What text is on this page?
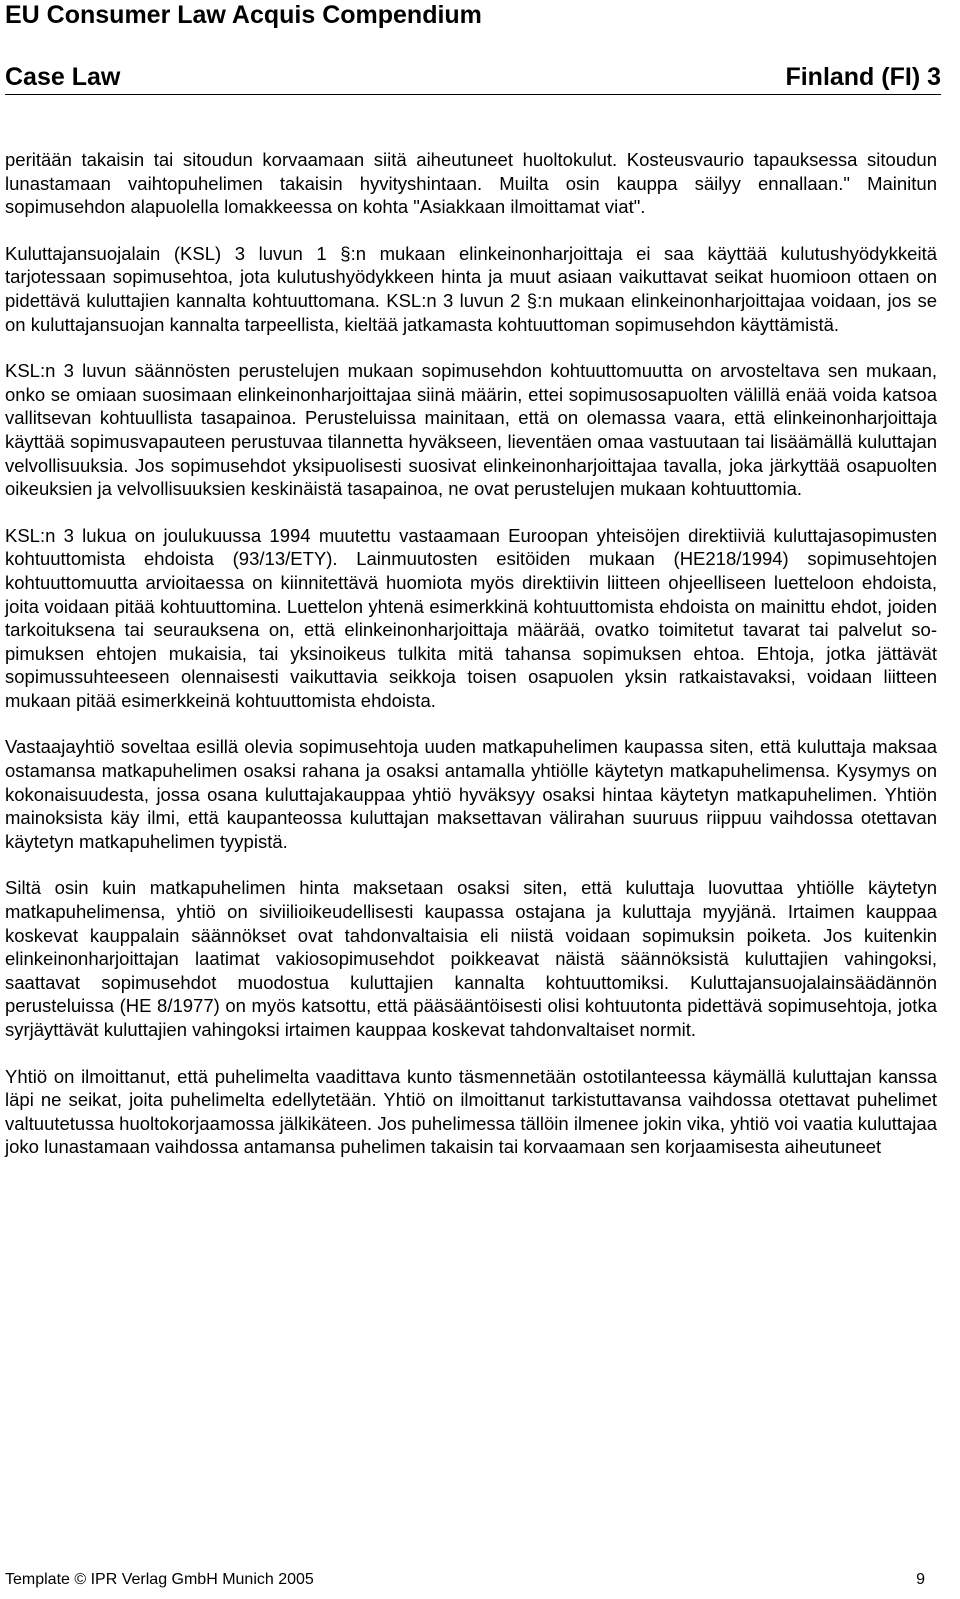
EU Consumer Law Acquis Compendium
Case Law	Finland (FI) 3

peritään takaisin tai sitoudun korvaamaan siitä aiheutuneet huoltokulut. Kosteusvaurio tapauksessa sitoudun lunastamaan vaihtopuhelimen takaisin hyvityshintaan. Muilta osin kauppa säilyy ennallaan." Mainitun sopimusehdon alapuolella lomakkeessa on kohta "Asiakkaan ilmoittamat viat".

Kuluttajansuojalain (KSL) 3 luvun 1 §:n mukaan elinkeinonharjoittaja ei saa käyttää kulutushyödykkeitä tarjotessaan sopimusehtoa, jota kulutushyödykkeen hinta ja muut asiaan vaikuttavat seikat huomioon ottaen on pidettävä kuluttajien kannalta kohtuuttomana. KSL:n 3 luvun 2 §:n mukaan elinkeinonharjoittajaa voidaan, jos se on kuluttajansuojan kannalta tarpeellista, kieltää jatkamasta kohtuuttoman sopimusehdon käyttämistä.

KSL:n 3 luvun säännösten perustelujen mukaan sopimusehdon kohtuuttomuutta on arvosteltava sen mukaan, onko se omiaan suosimaan elinkeinonharjoittajaa siinä määrin, ettei sopimusosapuolten välillä enää voida katsoa vallitsevan kohtuullista tasapainoa. Perusteluissa mainitaan, että on olemassa vaara, että elinkeinonharjoittaja käyttää sopimusvapauteen perustuvaa tilannetta hyväkseen, lieventäen omaa vastuutaan tai lisäämällä kuluttajan velvollisuuksia. Jos sopimusehdot yksipuolisesti suosivat elinkeinonharjoittajaa tavalla, joka järkyttää osapuolten oikeuksien ja velvollisuuksien keskinäistä tasapainoa, ne ovat perustelujen mukaan kohtuuttomia.

KSL:n 3 lukua on joulukuussa 1994 muutettu vastaamaan Euroopan yhteisöjen direktiiviä kuluttajasopimusten kohtuuttomista ehdoista (93/13/ETY). Lainmuutosten esitöiden mukaan (HE218/1994) sopimusehtojen kohtuuttomuutta arvioitaessa on kiinnitettävä huomiota myös direktiivin liitteen ohjeelliseen luetteloon ehdoista, joita voidaan pitää kohtuuttomina. Luettelon yhtenä esimerkkinä kohtuuttomista ehdoista on mainittu ehdot, joiden tarkoituksena tai seurauksena on, että elinkeinonharjoittaja määrää, ovatko toimitetut tavarat tai palvelut sopimuksen ehtojen mukaisia, tai yksinoikeus tulkita mitä tahansa sopimuksen ehtoa. Ehtoja, jotka jättävät sopimussuhteeseen olennaisesti vaikuttavia seikkoja toisen osapuolen yksin ratkaistavaksi, voidaan liitteen mukaan pitää esimerkkeinä kohtuuttomista ehdoista.

Vastaajayhtiö soveltaa esillä olevia sopimusehtoja uuden matkapuhelimen kaupassa siten, että kuluttaja maksaa ostamansa matkapuhelimen osaksi rahana ja osaksi antamalla yhtiölle käytetyn matkapuhelimensa. Kysymys on kokonaisuudesta, jossa osana kuluttajakauppaa yhtiö hyväksyy osaksi hintaa käytetyn matkapuhelimen. Yhtiön mainoksista käy ilmi, että kaupanteossa kuluttajan maksettavan välirahan suuruus riippuu vaihdossa otettavan käytetyn matkapuhelimen tyypistä.

Siltä osin kuin matkapuhelimen hinta maksetaan osaksi siten, että kuluttaja luovuttaa yhtiölle käytetyn matkapuhelimensa, yhtiö on siviilioikeudellisesti kaupassa ostajana ja kuluttaja myyjänä. Irtaimen kauppaa koskevat kauppalain säännökset ovat tahdonvaltaisia eli niistä voidaan sopimuksin poiketa. Jos kuitenkin elinkeinonharjoittajan laatimat vakiosopimusehdot poikkeavat näistä säännöksistä kuluttajien vahingoksi, saattavat sopimusehdot muodostua kuluttajien kannalta kohtuuttomiksi. Kuluttajansuojalainsäädännön perusteluissa (HE 8/1977) on myös katsottu, että pääsääntöisesti olisi kohtuutonta pidettävä sopimusehtoja, jotka syrjäyttävät kuluttajien vahingoksi irtaimen kauppaa koskevat tahdonvaltaiset normit.

Yhtiö on ilmoittanut, että puhelimelta vaadittava kunto täsmennetään ostotilanteessa käymällä kuluttajan kanssa läpi ne seikat, joita puhelimelta edellytetään. Yhtiö on ilmoittanut tarkistuttavansa vaihdossa otettavat puhelimet valtuutetussa huoltokorjaamossa jälkikäteen. Jos puhelimessa tällöin ilmenee jokin vika, yhtiö voi vaatia kuluttajaa joko lunastamaan vaihdossa antamansa puhelimen takaisin tai korvaamaan sen korjaamisesta aiheutuneet

Template © IPR Verlag GmbH Munich 2005	9
